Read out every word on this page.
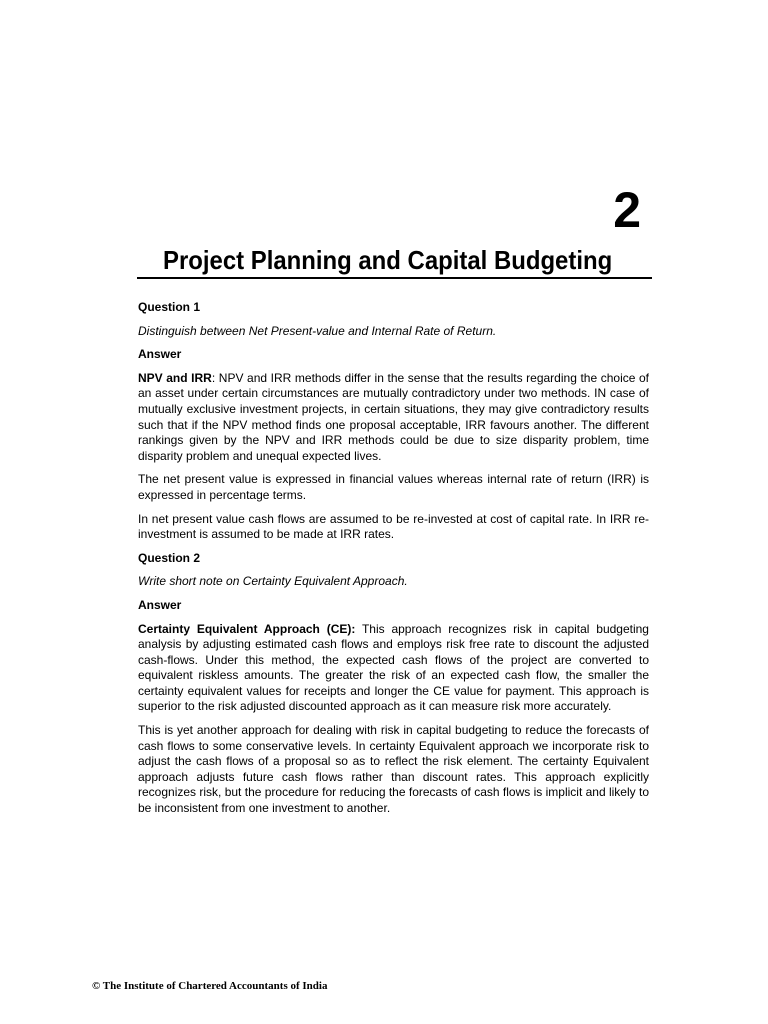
2
Project Planning and Capital Budgeting
Question 1

Distinguish between Net Present-value and Internal Rate of Return.

Answer

NPV and IRR: NPV and IRR methods differ in the sense that the results regarding the choice of an asset under certain circumstances are mutually contradictory under two methods. IN case of mutually exclusive investment projects, in certain situations, they may give contradictory results such that if the NPV method finds one proposal acceptable, IRR favours another. The different rankings given by the NPV and IRR methods could be due to size disparity problem, time disparity problem and unequal expected lives.

The net present value is expressed in financial values whereas internal rate of return (IRR) is expressed in percentage terms.

In net present value cash flows are assumed to be re-invested at cost of capital rate. In IRR re-investment is assumed to be made at IRR rates.

Question 2

Write short note on Certainty Equivalent Approach.

Answer

Certainty Equivalent Approach (CE): This approach recognizes risk in capital budgeting analysis by adjusting estimated cash flows and employs risk free rate to discount the adjusted cash-flows. Under this method, the expected cash flows of the project are converted to equivalent riskless amounts. The greater the risk of an expected cash flow, the smaller the certainty equivalent values for receipts and longer the CE value for payment. This approach is superior to the risk adjusted discounted approach as it can measure risk more accurately.

This is yet another approach for dealing with risk in capital budgeting to reduce the forecasts of cash flows to some conservative levels. In certainty Equivalent approach we incorporate risk to adjust the cash flows of a proposal so as to reflect the risk element. The certainty Equivalent approach adjusts future cash flows rather than discount rates. This approach explicitly recognizes risk, but the procedure for reducing the forecasts of cash flows is implicit and likely to be inconsistent from one investment to another.

© The Institute of Chartered Accountants of India
